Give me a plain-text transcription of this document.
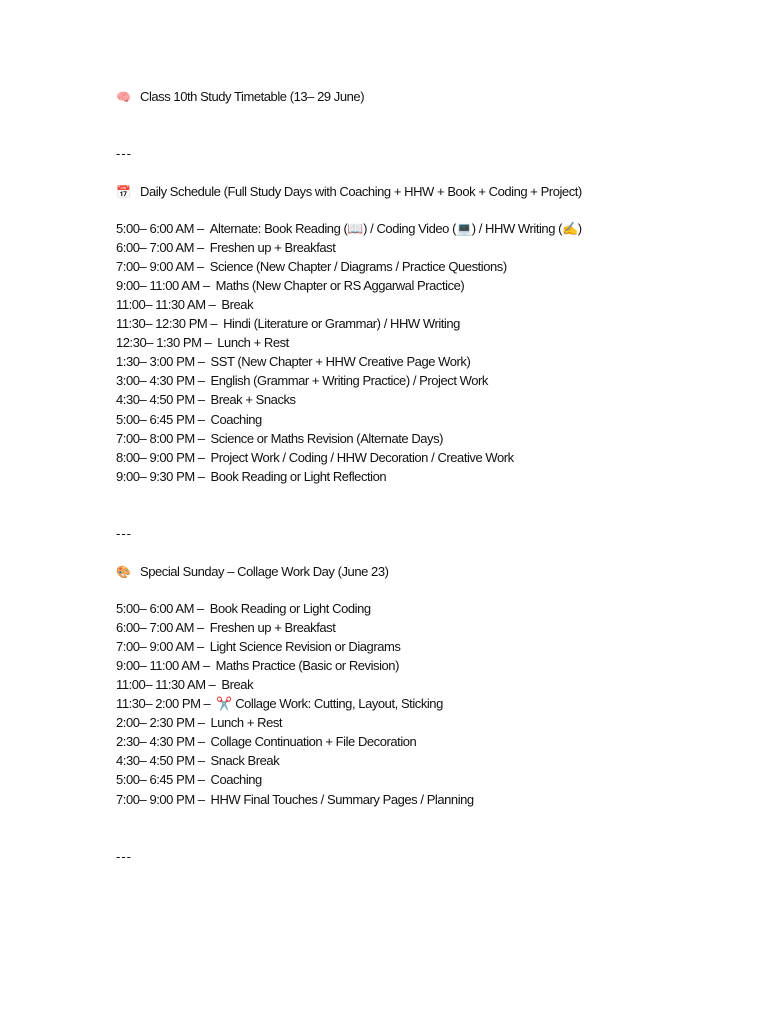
🧠 Class 10th Study Timetable (13– 29 June)
---
📅 Daily Schedule (Full Study Days with Coaching + HHW + Book + Coding + Project)
5:00– 6:00 AM – Alternate: Book Reading (📖) / Coding Video (💻) / HHW Writing (✍️)
6:00– 7:00 AM – Freshen up + Breakfast
7:00– 9:00 AM – Science (New Chapter / Diagrams / Practice Questions)
9:00– 11:00 AM – Maths (New Chapter or RS Aggarwal Practice)
11:00– 11:30 AM – Break
11:30– 12:30 PM – Hindi (Literature or Grammar) / HHW Writing
12:30– 1:30 PM – Lunch + Rest
1:30– 3:00 PM – SST (New Chapter + HHW Creative Page Work)
3:00– 4:30 PM – English (Grammar + Writing Practice) / Project Work
4:30– 4:50 PM – Break + Snacks
5:00– 6:45 PM – Coaching
7:00– 8:00 PM – Science or Maths Revision (Alternate Days)
8:00– 9:00 PM – Project Work / Coding / HHW Decoration / Creative Work
9:00– 9:30 PM – Book Reading or Light Reflection
---
🎨 Special Sunday – Collage Work Day (June 23)
5:00– 6:00 AM – Book Reading or Light Coding
6:00– 7:00 AM – Freshen up + Breakfast
7:00– 9:00 AM – Light Science Revision or Diagrams
9:00– 11:00 AM – Maths Practice (Basic or Revision)
11:00– 11:30 AM – Break
11:30– 2:00 PM – ✂️ Collage Work: Cutting, Layout, Sticking
2:00– 2:30 PM – Lunch + Rest
2:30– 4:30 PM – Collage Continuation + File Decoration
4:30– 4:50 PM – Snack Break
5:00– 6:45 PM – Coaching
7:00– 9:00 PM – HHW Final Touches / Summary Pages / Planning
---
